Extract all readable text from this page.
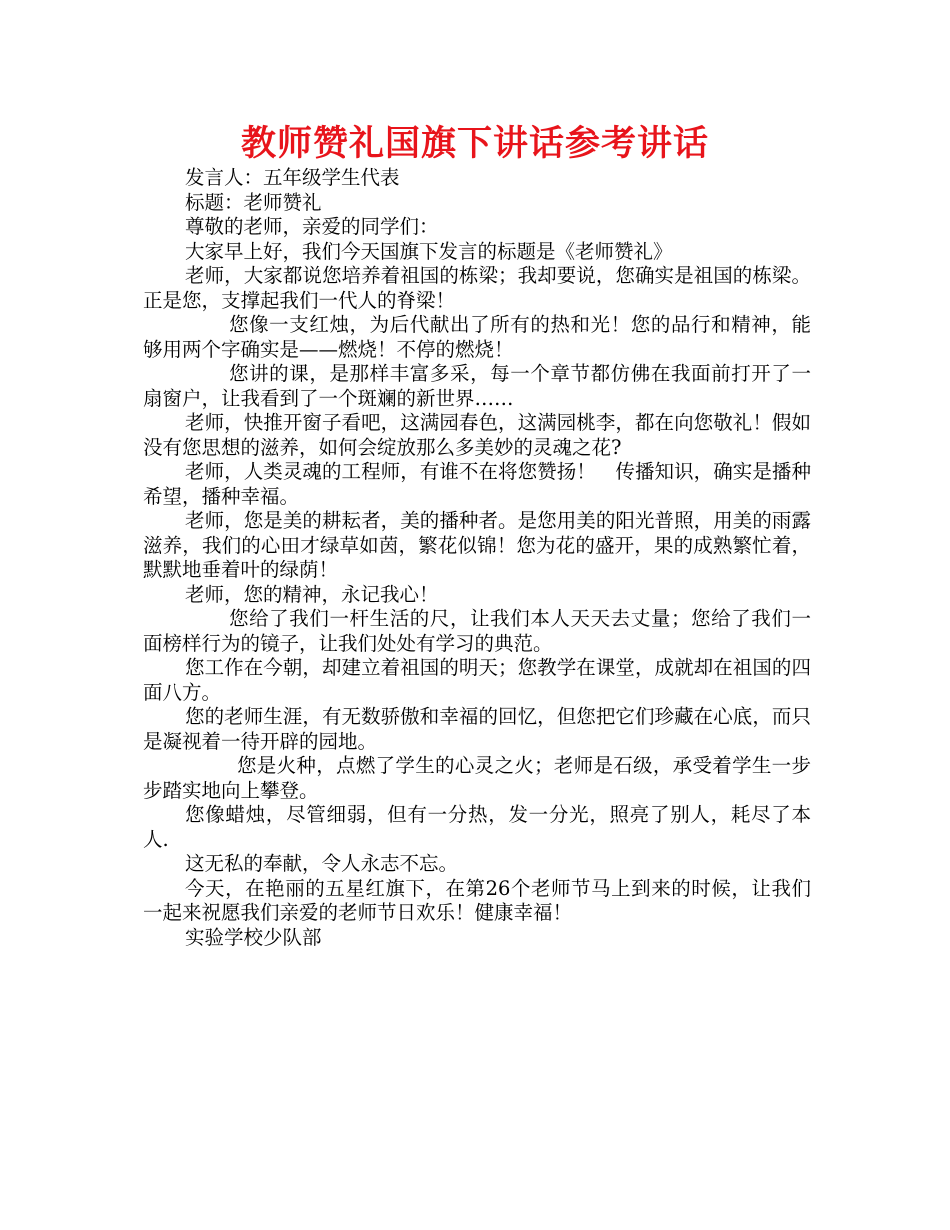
教师赞礼国旗下讲话参考讲话

发言人：五年级学生代表

标题：老师赞礼

尊敬的老师，亲爱的同学们：

大家早上好，我们今天国旗下发言的标题是《老师赞礼》

老师，大家都说您培养着祖国的栋梁；我却要说，您确实是祖国的栋梁。正是您，支撑起我们一代人的脊梁！

您像一支红烛，为后代献出了所有的热和光！您的品行和精神，能够用两个字确实是——燃烧！不停的燃烧！

您讲的课，是那样丰富多采，每一个章节都仿佛在我面前打开了一扇窗户，让我看到了一个斑斓的新世界……

老师，快推开窗子看吧，这满园春色，这满园桃李，都在向您敬礼！假如没有您思想的滋养，如何会绽放那么多美妙的灵魂之花?

老师，人类灵魂的工程师，有谁不在将您赞扬！　传播知识，确实是播种希望，播种幸福。

老师，您是美的耕耘者，美的播种者。是您用美的阳光普照，用美的雨露滋养，我们的心田才绿草如茵，繁花似锦！您为花的盛开，果的成熟繁忙着，默默地垂着叶的绿荫！

老师，您的精神，永记我心！

您给了我们一杆生活的尺，让我们本人天天去丈量；您给了我们一面榜样行为的镜子，让我们处处有学习的典范。

您工作在今朝，却建立着祖国的明天；您教学在课堂，成就却在祖国的四面八方。

您的老师生涯，有无数骄傲和幸福的回忆，但您把它们珍藏在心底，而只是凝视着一待开辟的园地。

您是火种，点燃了学生的心灵之火；老师是石级，承受着学生一步步踏实地向上攀登。

您像蜡烛，尽管细弱，但有一分热，发一分光，照亮了别人，耗尽了本人.

这无私的奉献，令人永志不忘。

今天，在艳丽的五星红旗下，在第26个老师节马上到来的时候，让我们一起来祝愿我们亲爱的老师节日欢乐！健康幸福！

实验学校少队部
